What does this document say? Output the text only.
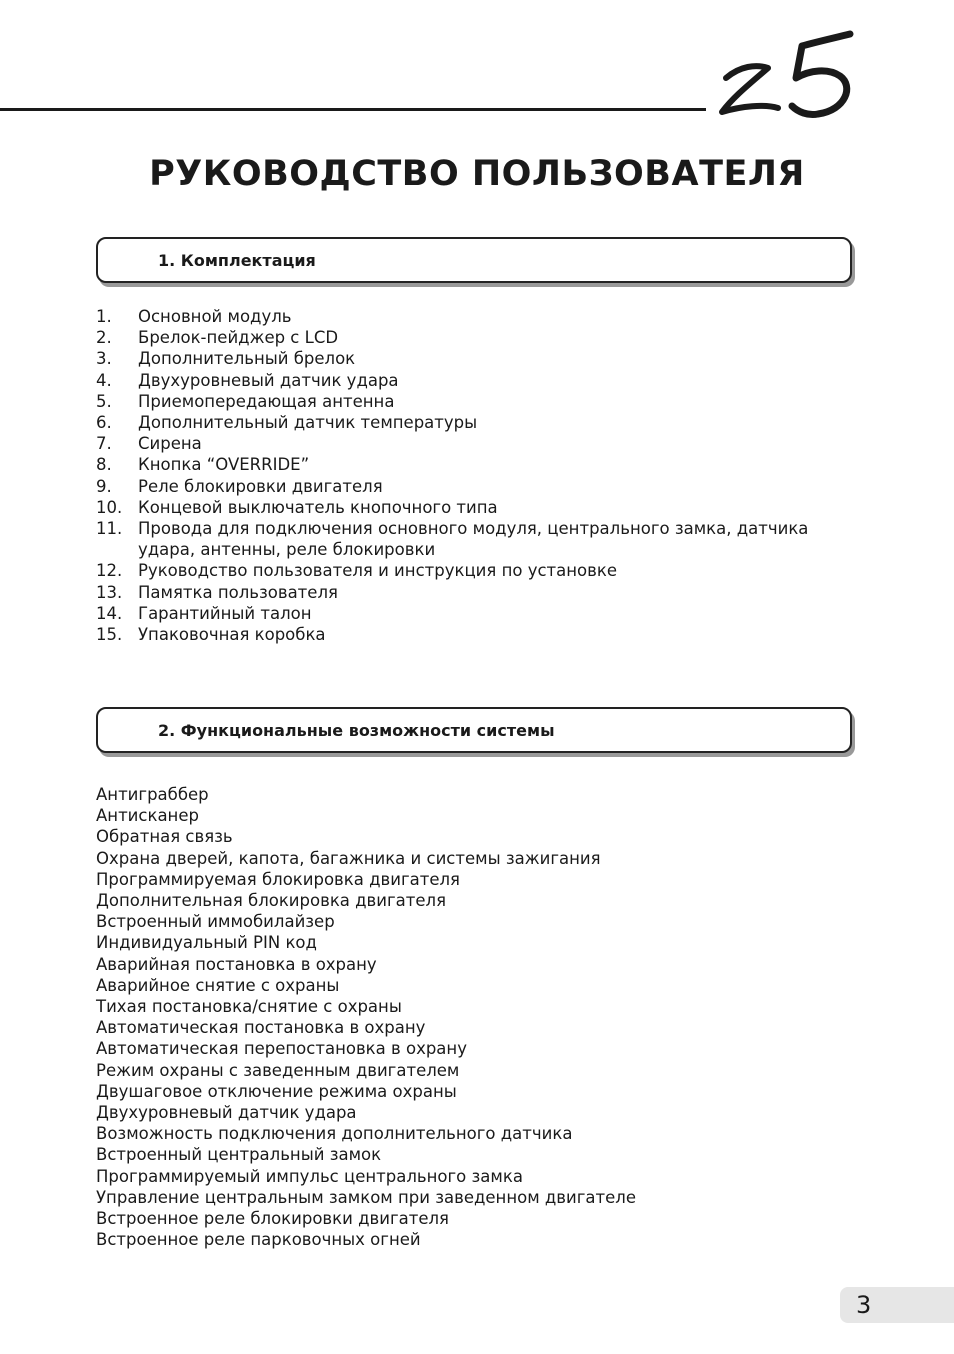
РУКОВОДСТВО ПОЛЬЗОВАТЕЛЯ
1. Комплектация
1.	Основной модуль
2.	Брелок-пейджер с LCD
3.	Дополнительный брелок
4.	Двухуровневый датчик удара
5.	Приемопередающая антенна
6.	Дополнительный датчик температуры
7.	Сирена
8.	Кнопка “OVERRIDE”
9.	Реле блокировки двигателя
10. Концевой выключатель кнопочного типа
11. Провода для подключения основного модуля, центрального замка, датчика удара, антенны, реле блокировки
12. Руководство пользователя и инструкция по установке
13. Памятка пользователя
14. Гарантийный талон
15. Упаковочная коробка
2. Функциональные возможности системы
Антиграббер
Антисканер
Обратная связь
Охрана дверей, капота, багажника и системы зажигания
Программируемая блокировка двигателя
Дополнительная блокировка двигателя
Встроенный иммобилайзер
Индивидуальный PIN код
Аварийная постановка в охрану
Аварийное снятие с охраны
Тихая постановка/снятие с охраны
Автоматическая постановка в охрану
Автоматическая перепостановка в охрану
Режим охраны с заведенным двигателем
Двушаговое отключение режима охраны
Двухуровневый датчик удара
Возможность подключения дополнительного датчика
Встроенный центральный замок
Программируемый импульс центрального замка
Управление центральным замком при заведенном двигателе
Встроенное реле блокировки двигателя
Встроенное реле парковочных огней
3
